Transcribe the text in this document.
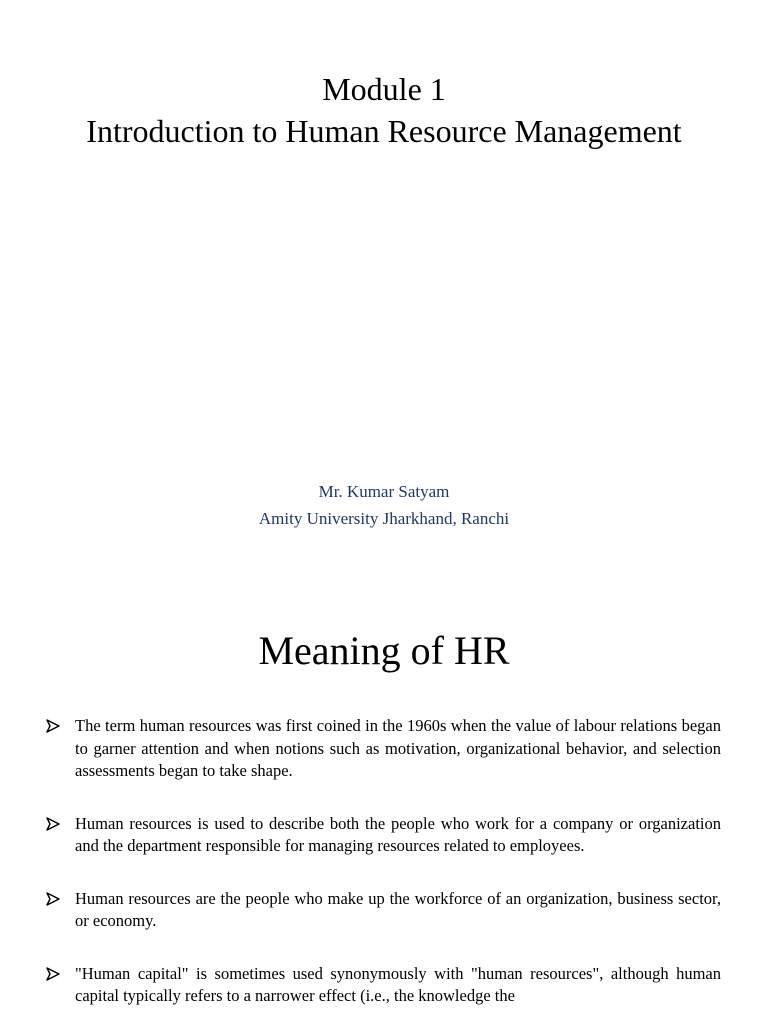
Module 1
Introduction to Human Resource Management
Mr. Kumar Satyam
Amity University Jharkhand, Ranchi
Meaning of HR
The term human resources was first coined in the 1960s when the value of labour relations began to garner attention and when notions such as motivation, organizational behavior, and selection assessments began to take shape.
Human resources is used to describe both the people who work for a company or organization and the department responsible for managing resources related to employees.
Human resources are the people who make up the workforce of an organization, business sector, or economy.
"Human capital" is sometimes used synonymously with "human resources", although human capital typically refers to a narrower effect (i.e., the knowledge the
